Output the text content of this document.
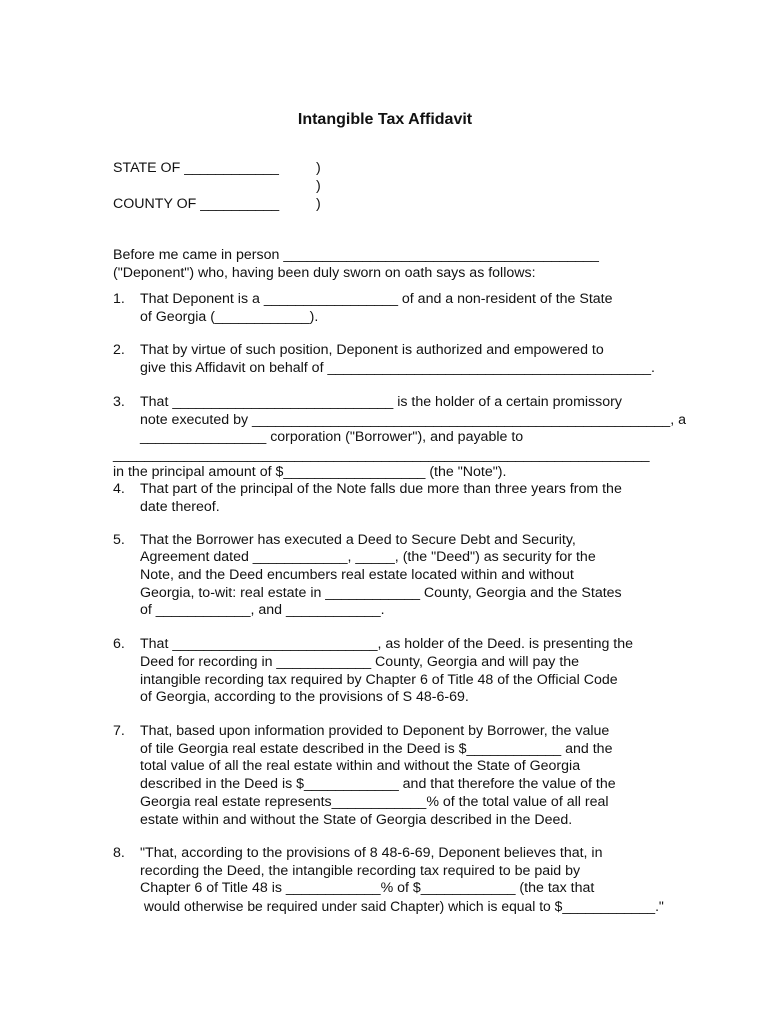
Intangible Tax Affidavit
STATE OF ____________
COUNTY OF __________
)
)
)
Before me came in person ________________________________________
("Deponent") who, having been duly sworn on oath says as follows:
1. That Deponent is a _________________ of and a non-resident of the State
of Georgia (____________).
2. That by virtue of such position, Deponent is authorized and empowered to
give this Affidavit on behalf of _________________________________________.
3. That ____________________________ is the holder of a certain promissory
note executed by _____________________________________________________, a
________________ corporation ("Borrower"), and payable to
____________________________________________________________________
in the principal amount of $__________________ (the "Note").
4. That part of the principal of the Note falls due more than three years from the
date thereof.
5. That the Borrower has executed a Deed to Secure Debt and Security,
Agreement dated ____________, _____, (the "Deed") as security for the
Note, and the Deed encumbers real estate located within and without
Georgia, to-wit: real estate in ____________ County, Georgia and the States
of ____________, and ____________.
6. That __________________________, as holder of the Deed. is presenting the
Deed for recording in ____________ County, Georgia and will pay the
intangible recording tax required by Chapter 6 of Title 48 of the Official Code
of Georgia, according to the provisions of S 48-6-69.
7. That, based upon information provided to Deponent by Borrower, the value
of tile Georgia real estate described in the Deed is $____________ and the
total value of all the real estate within and without the State of Georgia
described in the Deed is $____________ and that therefore the value of the
Georgia real estate represents____________% of the total value of all real
estate within and without the State of Georgia described in the Deed.
8. "That, according to the provisions of 8 48-6-69, Deponent believes that, in
recording the Deed, the intangible recording tax required to be paid by
Chapter 6 of Title 48 is ____________% of $____________ (the tax that
would otherwise be required under said Chapter) which is equal to $____________."
